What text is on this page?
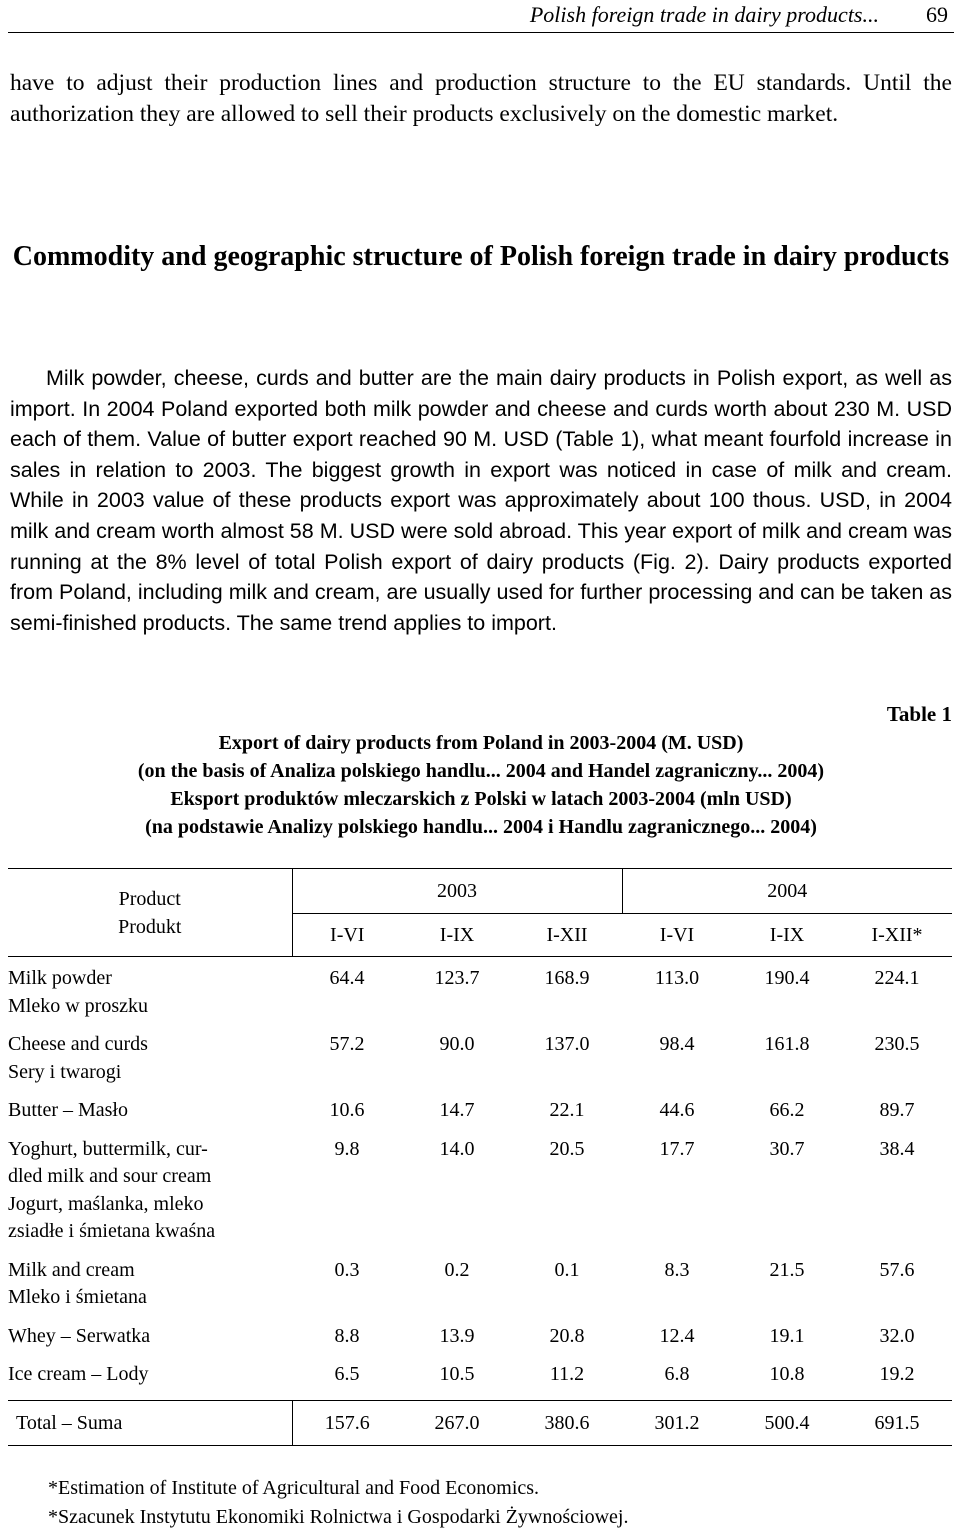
Polish foreign trade in dairy products... 69

have to adjust their production lines and production structure to the EU standards. Until the authorization they are allowed to sell their products exclusively on the domestic market.

Commodity and geographic structure of Polish foreign trade in dairy products

Milk powder, cheese, curds and butter are the main dairy products in Polish export, as well as import. In 2004 Poland exported both milk powder and cheese and curds worth about 230 M. USD each of them. Value of butter export reached 90 M. USD (Table 1), what meant fourfold increase in sales in relation to 2003. The biggest growth in export was noticed in case of milk and cream. While in 2003 value of these products export was approximately about 100 thous. USD, in 2004 milk and cream worth almost 58 M. USD were sold abroad. This year export of milk and cream was running at the 8% level of total Polish export of dairy products (Fig. 2). Dairy products exported from Poland, including milk and cream, are usually used for further processing and can be taken as semi-finished products. The same trend applies to import.

Table 1
Export of dairy products from Poland in 2003-2004 (M. USD)
(on the basis of Analiza polskiego handlu... 2004 and Handel zagraniczny... 2004)
Eksport produktów mleczarskich z Polski w latach 2003-2004 (mln USD)
(na podstawie Analizy polskiego handlu... 2004 i Handlu zagranicznego... 2004)
Product
Produkt	2003			2004		
	I-VI	I-IX	I-XII	I-VI	I-IX	I-XII*

Milk powder
Mleko w proszku	64.4	123.7	168.9	113.0	190.4	224.1

Cheese and curds
Sery i twarogi	57.2	90.0	137.0	98.4	161.8	230.5

Butter – Masło	10.6	14.7	22.1	44.6	66.2	89.7

Yoghurt, buttermilk, cur-
dled milk and sour cream
Jogurt, maślanka, mleko
zsiadłe i śmietana kwaśna	9.8	14.0	20.5	17.7	30.7	38.4

Milk and cream
Mleko i śmietana	0.3	0.2	0.1	8.3	21.5	57.6

Whey – Serwatka	8.8	13.9	20.8	12.4	19.1	32.0

Ice cream – Lody	6.5	10.5	11.2	6.8	10.8	19.2
Total – Suma	157.6	267.0	380.6	301.2	500.4	691.5
*Estimation of Institute of Agricultural and Food Economics.
*Szacunek Instytutu Ekonomiki Rolnictwa i Gospodarki Żywnościowej.
